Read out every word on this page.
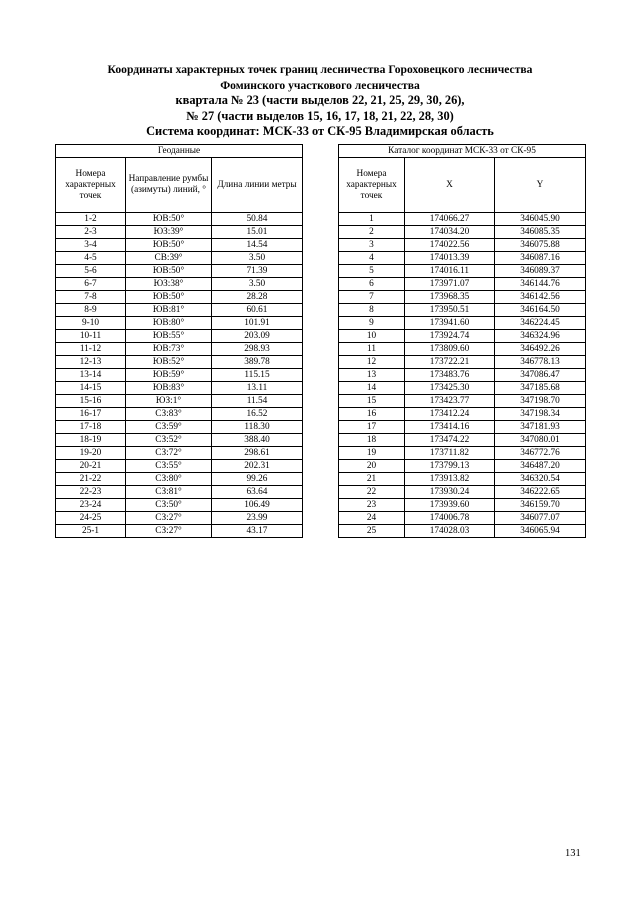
Координаты характерных точек границ лесничества Гороховецкого лесничества
Фоминского участкового лесничества
квартала № 23 (части выделов 22, 21, 25, 29, 30, 26),
№ 27 (части выделов 15, 16, 17, 18, 21, 22, 28, 30)
Система координат: МСК-33 от СК-95 Владимирская область
Геоданные		
Номера характерных точек	Направление румбы (азимуты) линий, °	Длина линии метры
1-2	ЮВ:50°	50.84
2-3	ЮЗ:39°	15.01
3-4	ЮВ:50°	14.54
4-5	СВ:39°	3.50
5-6	ЮВ:50°	71.39
6-7	ЮЗ:38°	3.50
7-8	ЮВ:50°	28.28
8-9	ЮВ:81°	60.61
9-10	ЮВ:80°	101.91
10-11	ЮВ:55°	203.09
11-12	ЮВ:73°	298.93
12-13	ЮВ:52°	389.78
13-14	ЮВ:59°	115.15
14-15	ЮВ:83°	13.11
15-16	ЮЗ:1°	11.54
16-17	СЗ:83°	16.52
17-18	СЗ:59°	118.30
18-19	СЗ:52°	388.40
19-20	СЗ:72°	298.61
20-21	СЗ:55°	202.31
21-22	СЗ:80°	99.26
22-23	СЗ:81°	63.64
23-24	СЗ:50°	106.49
24-25	СЗ:27°	23.99
25-1	СЗ:27°	43.17
Каталог координат МСК-33 от СК-95		
Номера характерных точек	X	Y
1	174066.27	346045.90
2	174034.20	346085.35
3	174022.56	346075.88
4	174013.39	346087.16
5	174016.11	346089.37
6	173971.07	346144.76
7	173968.35	346142.56
8	173950.51	346164.50
9	173941.60	346224.45
10	173924.74	346324.96
11	173809.60	346492.26
12	173722.21	346778.13
13	173483.76	347086.47
14	173425.30	347185.68
15	173423.77	347198.70
16	173412.24	347198.34
17	173414.16	347181.93
18	173474.22	347080.01
19	173711.82	346772.76
20	173799.13	346487.20
21	173913.82	346320.54
22	173930.24	346222.65
23	173939.60	346159.70
24	174006.78	346077.07
25	174028.03	346065.94
131
